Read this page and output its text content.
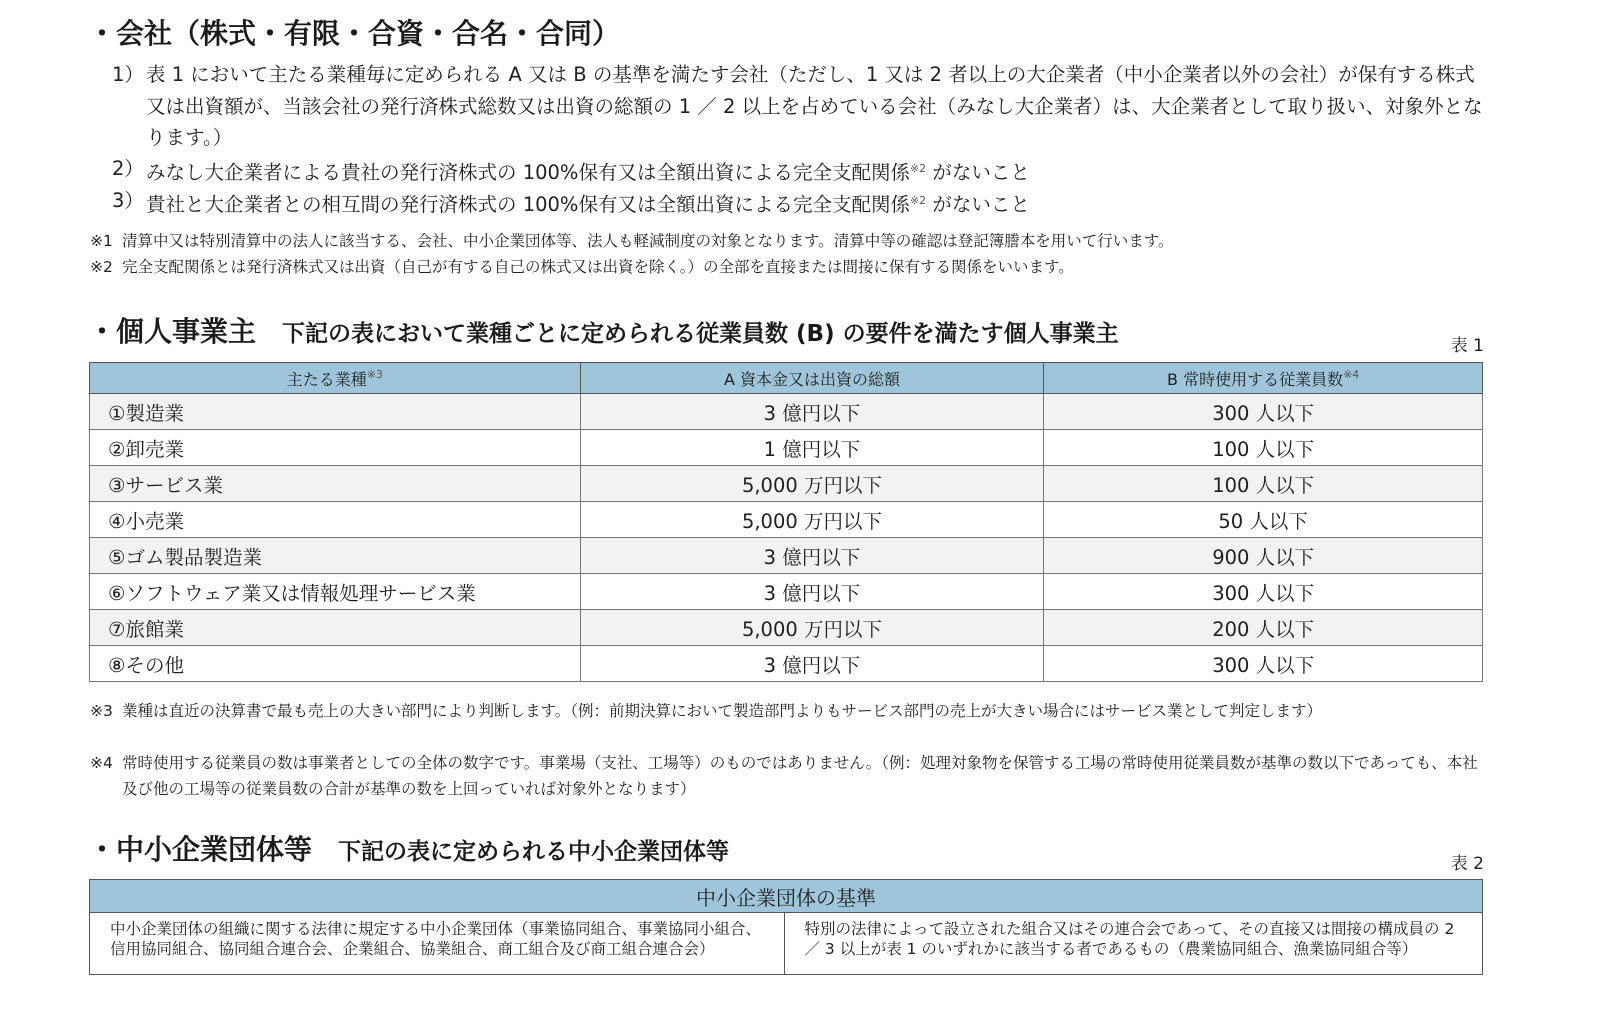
・会社（株式・有限・合資・合名・合同）
1） 表 1 において主たる業種毎に定められる A 又は B の基準を満たす会社（ただし、1 又は 2 者以上の大企業者（中小企業者以外の会社）が保有する株式又は出資額が、当該会社の発行済株式総数又は出資の総額の 1 ／ 2 以上を占めている会社（みなし大企業者）は、大企業者として取り扱い、対象外となります。）
2） みなし大企業者による貴社の発行済株式の 100%保有又は全額出資による完全支配関係$^{※2}$ がないこと
3） 貴社と大企業者との相互間の発行済株式の 100%保有又は全額出資による完全支配関係$^{※2}$ がないこと
※1 清算中又は特別清算中の法人に該当する、会社、中小企業団体等、法人も軽減制度の対象となります。清算中等の確認は登記簿謄本を用いて行います。
※2 完全支配関係とは発行済株式又は出資（自己が有する自己の株式又は出資を除く。）の全部を直接または間接に保有する関係をいいます。
・個人事業主 下記の表において業種ごとに定められる従業員数 (B) の要件を満たす個人事業主	表 1
主たる業種$^{※3}$	A 資本金又は出資の総額	B 常時使用する従業員数$^{※4}$
①製造業	3 億円以下	300 人以下
②卸売業	1 億円以下	100 人以下
③サービス業	5,000 万円以下	100 人以下
④小売業	5,000 万円以下	50 人以下
⑤ゴム製品製造業	3 億円以下	900 人以下
⑥ソフトウェア業又は情報処理サービス業	3 億円以下	300 人以下
⑦旅館業	5,000 万円以下	200 人以下
⑧その他	3 億円以下	300 人以下
※3 業種は直近の決算書で最も売上の大きい部門により判断します。（例：前期決算において製造部門よりもサービス部門の売上が大きい場合にはサービス業として判定します）
※4 常時使用する従業員の数は事業者としての全体の数字です。事業場（支社、工場等）のものではありません。（例：処理対象物を保管する工場の常時使用従業員数が基準の数以下であっても、本社及び他の工場等の従業員数の合計が基準の数を上回っていれば対象外となります）
・中小企業団体等 下記の表に定められる中小企業団体等	表 2
中小企業団体の基準
中小企業団体の組織に関する法律に規定する中小企業団体（事業協同組合、事業協同小組合、信用協同組合、協同組合連合会、企業組合、協業組合、商工組合及び商工組合連合会）	特別の法律によって設立された組合又はその連合会であって、その直接又は間接の構成員の 2 ／ 3 以上が表 1 のいずれかに該当する者であるもの（農業協同組合、漁業協同組合等）
